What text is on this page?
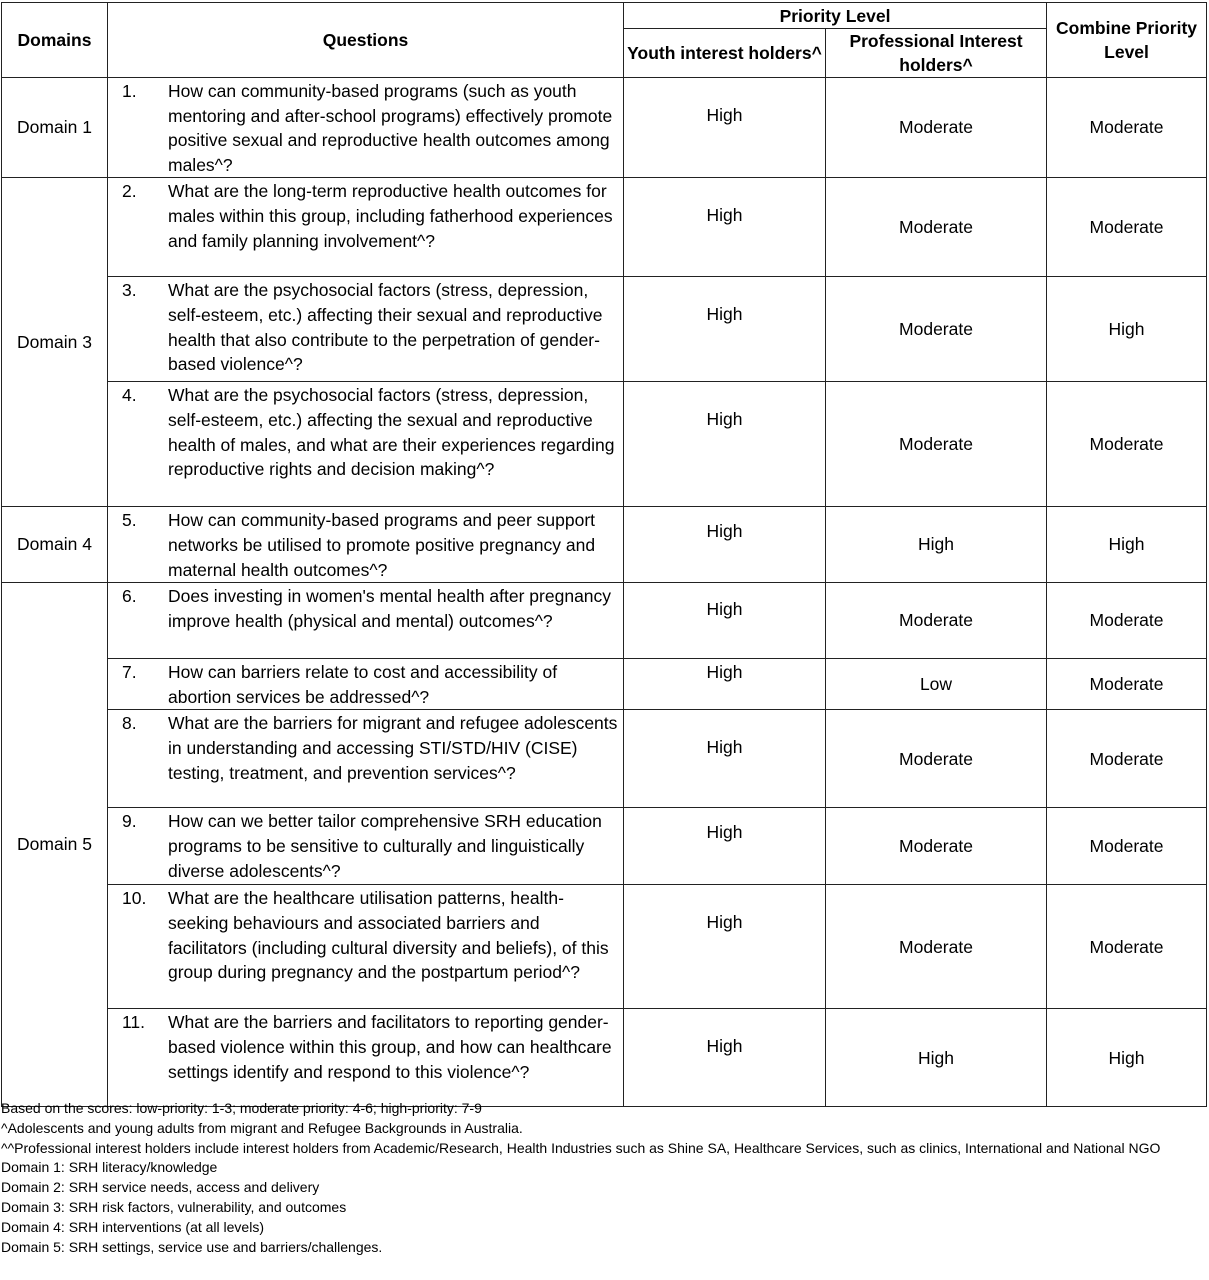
Domains	Questions	Priority Level		Combine Priority Level
		Youth interest holders^	Professional Interest holders^	
Domain 1	1. How can community-based programs (such as youth mentoring and after-school programs) effectively promote positive sexual and reproductive health outcomes among males^?	High	Moderate	Moderate
Domain 3	2. What are the long-term reproductive health outcomes for males within this group, including fatherhood experiences and family planning involvement^?	High	Moderate	Moderate

	3. What are the psychosocial factors (stress, depression, self-esteem, etc.) affecting their sexual and reproductive health that also contribute to the perpetration of gender-based violence^?	High	Moderate	High

	4. What are the psychosocial factors (stress, depression, self-esteem, etc.) affecting the sexual and reproductive health of males, and what are their experiences regarding reproductive rights and decision making^?	High	Moderate	Moderate
Domain 4	5. How can community-based programs and peer support networks be utilised to promote positive pregnancy and maternal health outcomes^?	High	High	High
Domain 5	6. Does investing in women's mental health after pregnancy improve health (physical and mental) outcomes^?	High	Moderate	Moderate

	7. How can barriers relate to cost and accessibility of abortion services be addressed^?	High	Low	Moderate

	8. What are the barriers for migrant and refugee adolescents in understanding and accessing STI/STD/HIV (CISE) testing, treatment, and prevention services^?	High	Moderate	Moderate

	9. How can we better tailor comprehensive SRH education programs to be sensitive to culturally and linguistically diverse adolescents^?	High	Moderate	Moderate

	10. What are the healthcare utilisation patterns, health-seeking behaviours and associated barriers and facilitators (including cultural diversity and beliefs), of this group during pregnancy and the postpartum period^?	High	Moderate	Moderate

	11. What are the barriers and facilitators to reporting gender-based violence within this group, and how can healthcare settings identify and respond to this violence^?	High	High	High
Based on the scores: low-priority: 1-3; moderate priority: 4-6; high-priority: 7-9
^Adolescents and young adults from migrant and Refugee Backgrounds in Australia.
^^Professional interest holders include interest holders from Academic/Research, Health Industries such as Shine SA, Healthcare Services, such as clinics, International and National NGO
Domain 1: SRH literacy/knowledge
Domain 2: SRH service needs, access and delivery
Domain 3: SRH risk factors, vulnerability, and outcomes
Domain 4: SRH interventions (at all levels)
Domain 5: SRH settings, service use and barriers/challenges.
